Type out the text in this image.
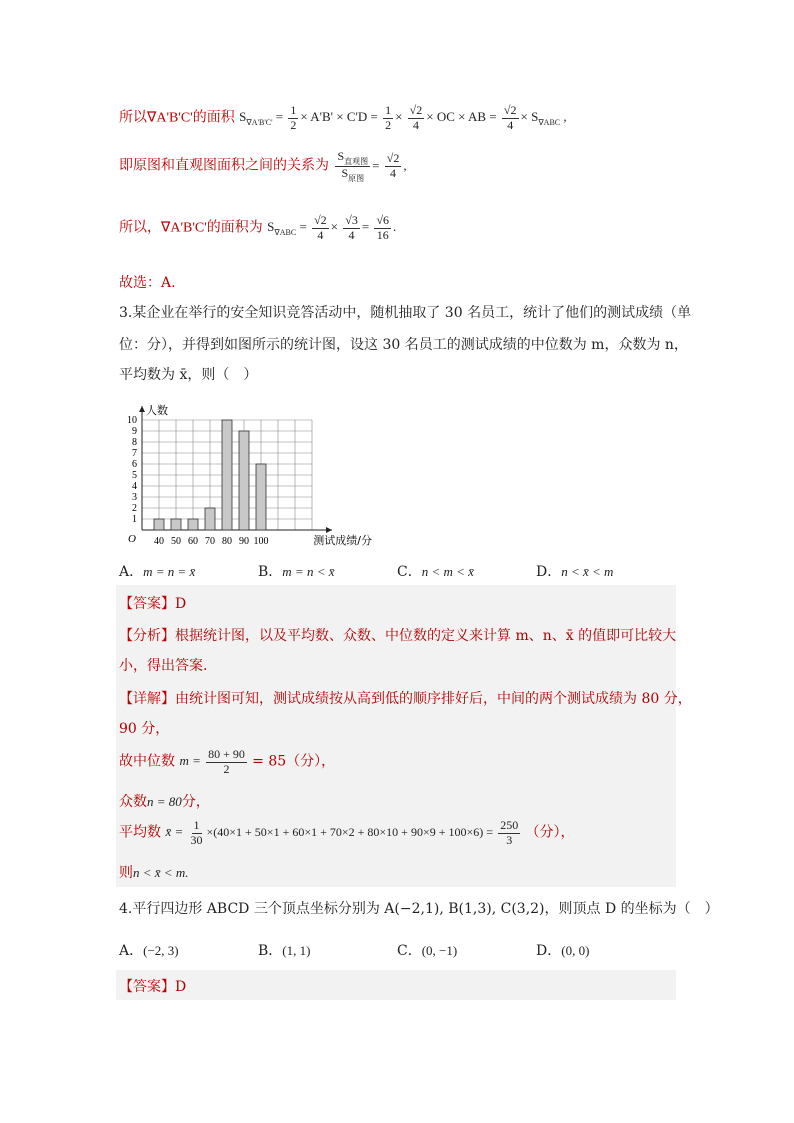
所以∇A'B'C'的面积 $S_{\nabla A'B'C'} = \frac{1}{2} \times A'B' \times C'D = \frac{1}{2} \times \frac{√2}{4}$ × OC × AB = $\frac{√2}{4} \times S_{\nabla ABC}$ ,
即原图和直观图面积之间的关系为 $\frac{S_{直观图}}{S_{原图}} = \frac{√2}{4}$ ,
所以，∇A'B'C'的面积为 $S_{\nabla ABC} = \frac{√2}{4} \times \frac{√3}{4} = \frac{√6}{16}$ .
故选：A.
3.某企业在举行的安全知识竞答活动中，随机抽取了 30 名员工，统计了他们的测试成绩（单
位：分），并得到如图所示的统计图，设这 30 名员工的测试成绩的中位数为 m，众数为 n，
平均数为 x̄，则（　）
1
2
3
4
5
6
7
8
9
10
人数
O 40 50 60 70 80 90 100	测试成绩/分
A．m = n = x̄	B．m = n < x̄	C．n < m < x̄	D．n < x̄ < m
【答案】D
【分析】根据统计图，以及平均数、众数、中位数的定义来计算 m、n、x̄ 的值即可比较大
小，得出答案.
【详解】由统计图可知，测试成绩按从高到低的顺序排好后，中间的两个测试成绩为 80 分，
90 分，
故中位数 $m = \frac{80 + 90}{2} = 85$（分），
众数n = 80分，
平均数 x̄ = $\frac{1}{30} \times(40\times 1 + 50\times 1 + 60\times 1 + 70\times 2 + 80\times 10 + 90\times 9 + 100\times 6) = \frac{250}{3}$ （分），
则n < x̄ < m.
4.平行四边形 ABCD 三个顶点坐标分别为 A(−2,1), B(1,3), C(3,2)，则顶点 D 的坐标为（　）
A．(−2, 3)	B．(1, 1)	C．(0, −1)	D．(0, 0)
【答案】D
